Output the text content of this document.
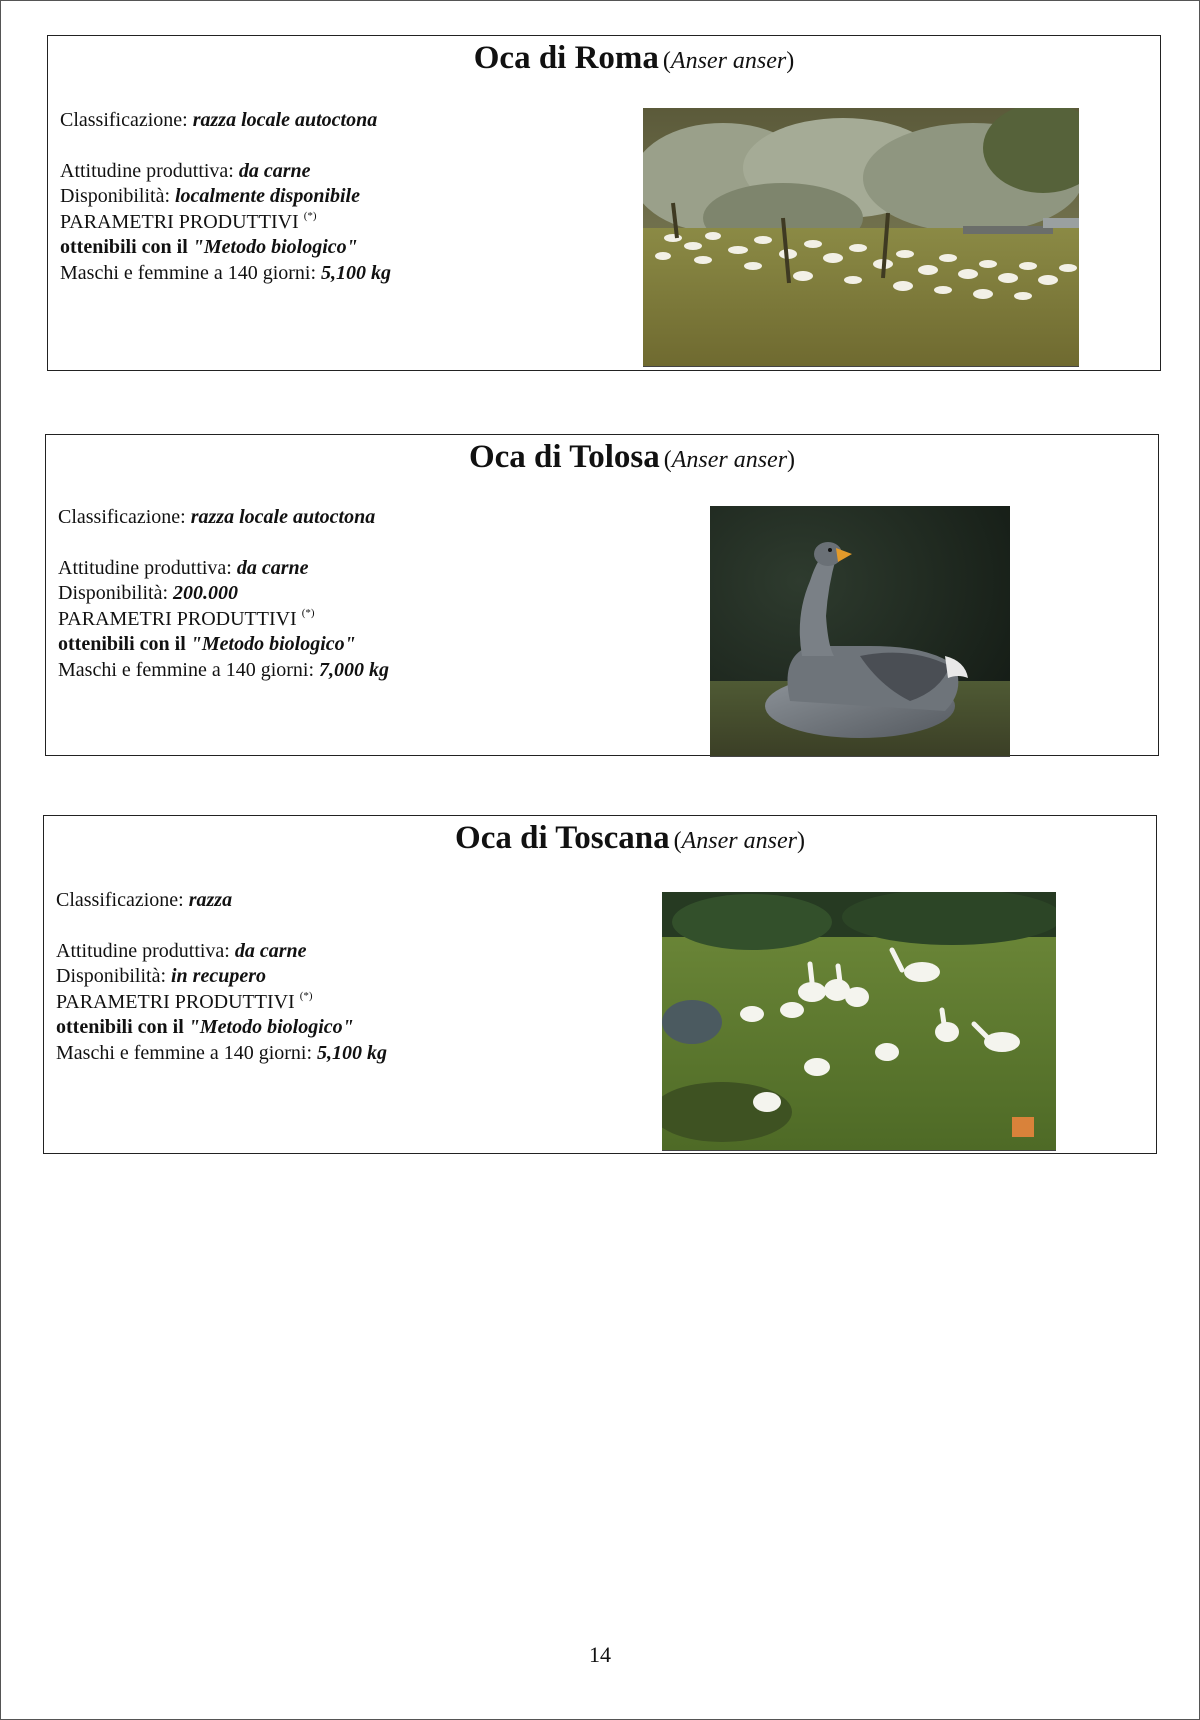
Oca di Roma (Anser anser)
Classificazione: razza locale autoctona
Attitudine produttiva: da carne
Disponibilità: localmente disponibile
PARAMETRI PRODUTTIVI (*)
ottenibili con il "Metodo biologico"
Maschi e femmine a 140 giorni: 5,100 kg
Oca di Tolosa (Anser anser)
Classificazione: razza locale autoctona
Attitudine produttiva: da carne
Disponibilità: 200.000
PARAMETRI PRODUTTIVI (*)
ottenibili con il "Metodo biologico"
Maschi e femmine a 140 giorni: 7,000 kg
Oca di Toscana (Anser anser)
Classificazione: razza
Attitudine produttiva: da carne
Disponibilità: in recupero
PARAMETRI PRODUTTIVI (*)
ottenibili con il "Metodo biologico"
Maschi e femmine a 140 giorni: 5,100 kg
14
